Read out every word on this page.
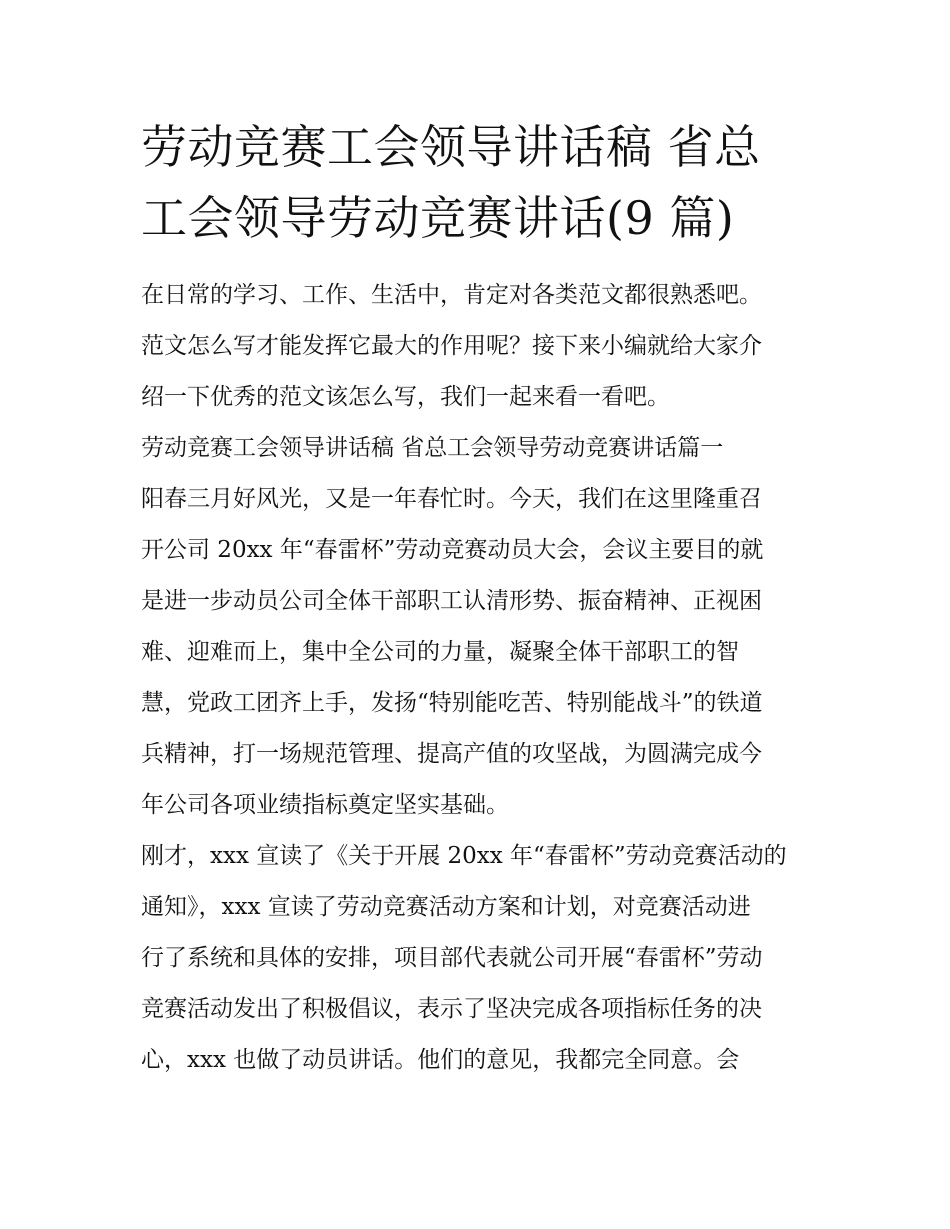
劳动竞赛工会领导讲话稿 省总
工会领导劳动竞赛讲话(9 篇)
在日常的学习、工作、生活中，肯定对各类范文都很熟悉吧。
范文怎么写才能发挥它最大的作用呢？接下来小编就给大家介
绍一下优秀的范文该怎么写，我们一起来看一看吧。
劳动竞赛工会领导讲话稿 省总工会领导劳动竞赛讲话篇一
阳春三月好风光，又是一年春忙时。今天，我们在这里隆重召
开公司 20xx 年“春雷杯”劳动竞赛动员大会，会议主要目的就
是进一步动员公司全体干部职工认清形势、振奋精神、正视困
难、迎难而上，集中全公司的力量，凝聚全体干部职工的智
慧，党政工团齐上手，发扬“特别能吃苦、特别能战斗”的铁道
兵精神，打一场规范管理、提高产值的攻坚战，为圆满完成今
年公司各项业绩指标奠定坚实基础。
刚才，xxx 宣读了《关于开展 20xx 年“春雷杯”劳动竞赛活动的
通知》，xxx 宣读了劳动竞赛活动方案和计划，对竞赛活动进
行了系统和具体的安排，项目部代表就公司开展“春雷杯”劳动
竞赛活动发出了积极倡议，表示了坚决完成各项指标任务的决
心，xxx 也做了动员讲话。他们的意见，我都完全同意。会
